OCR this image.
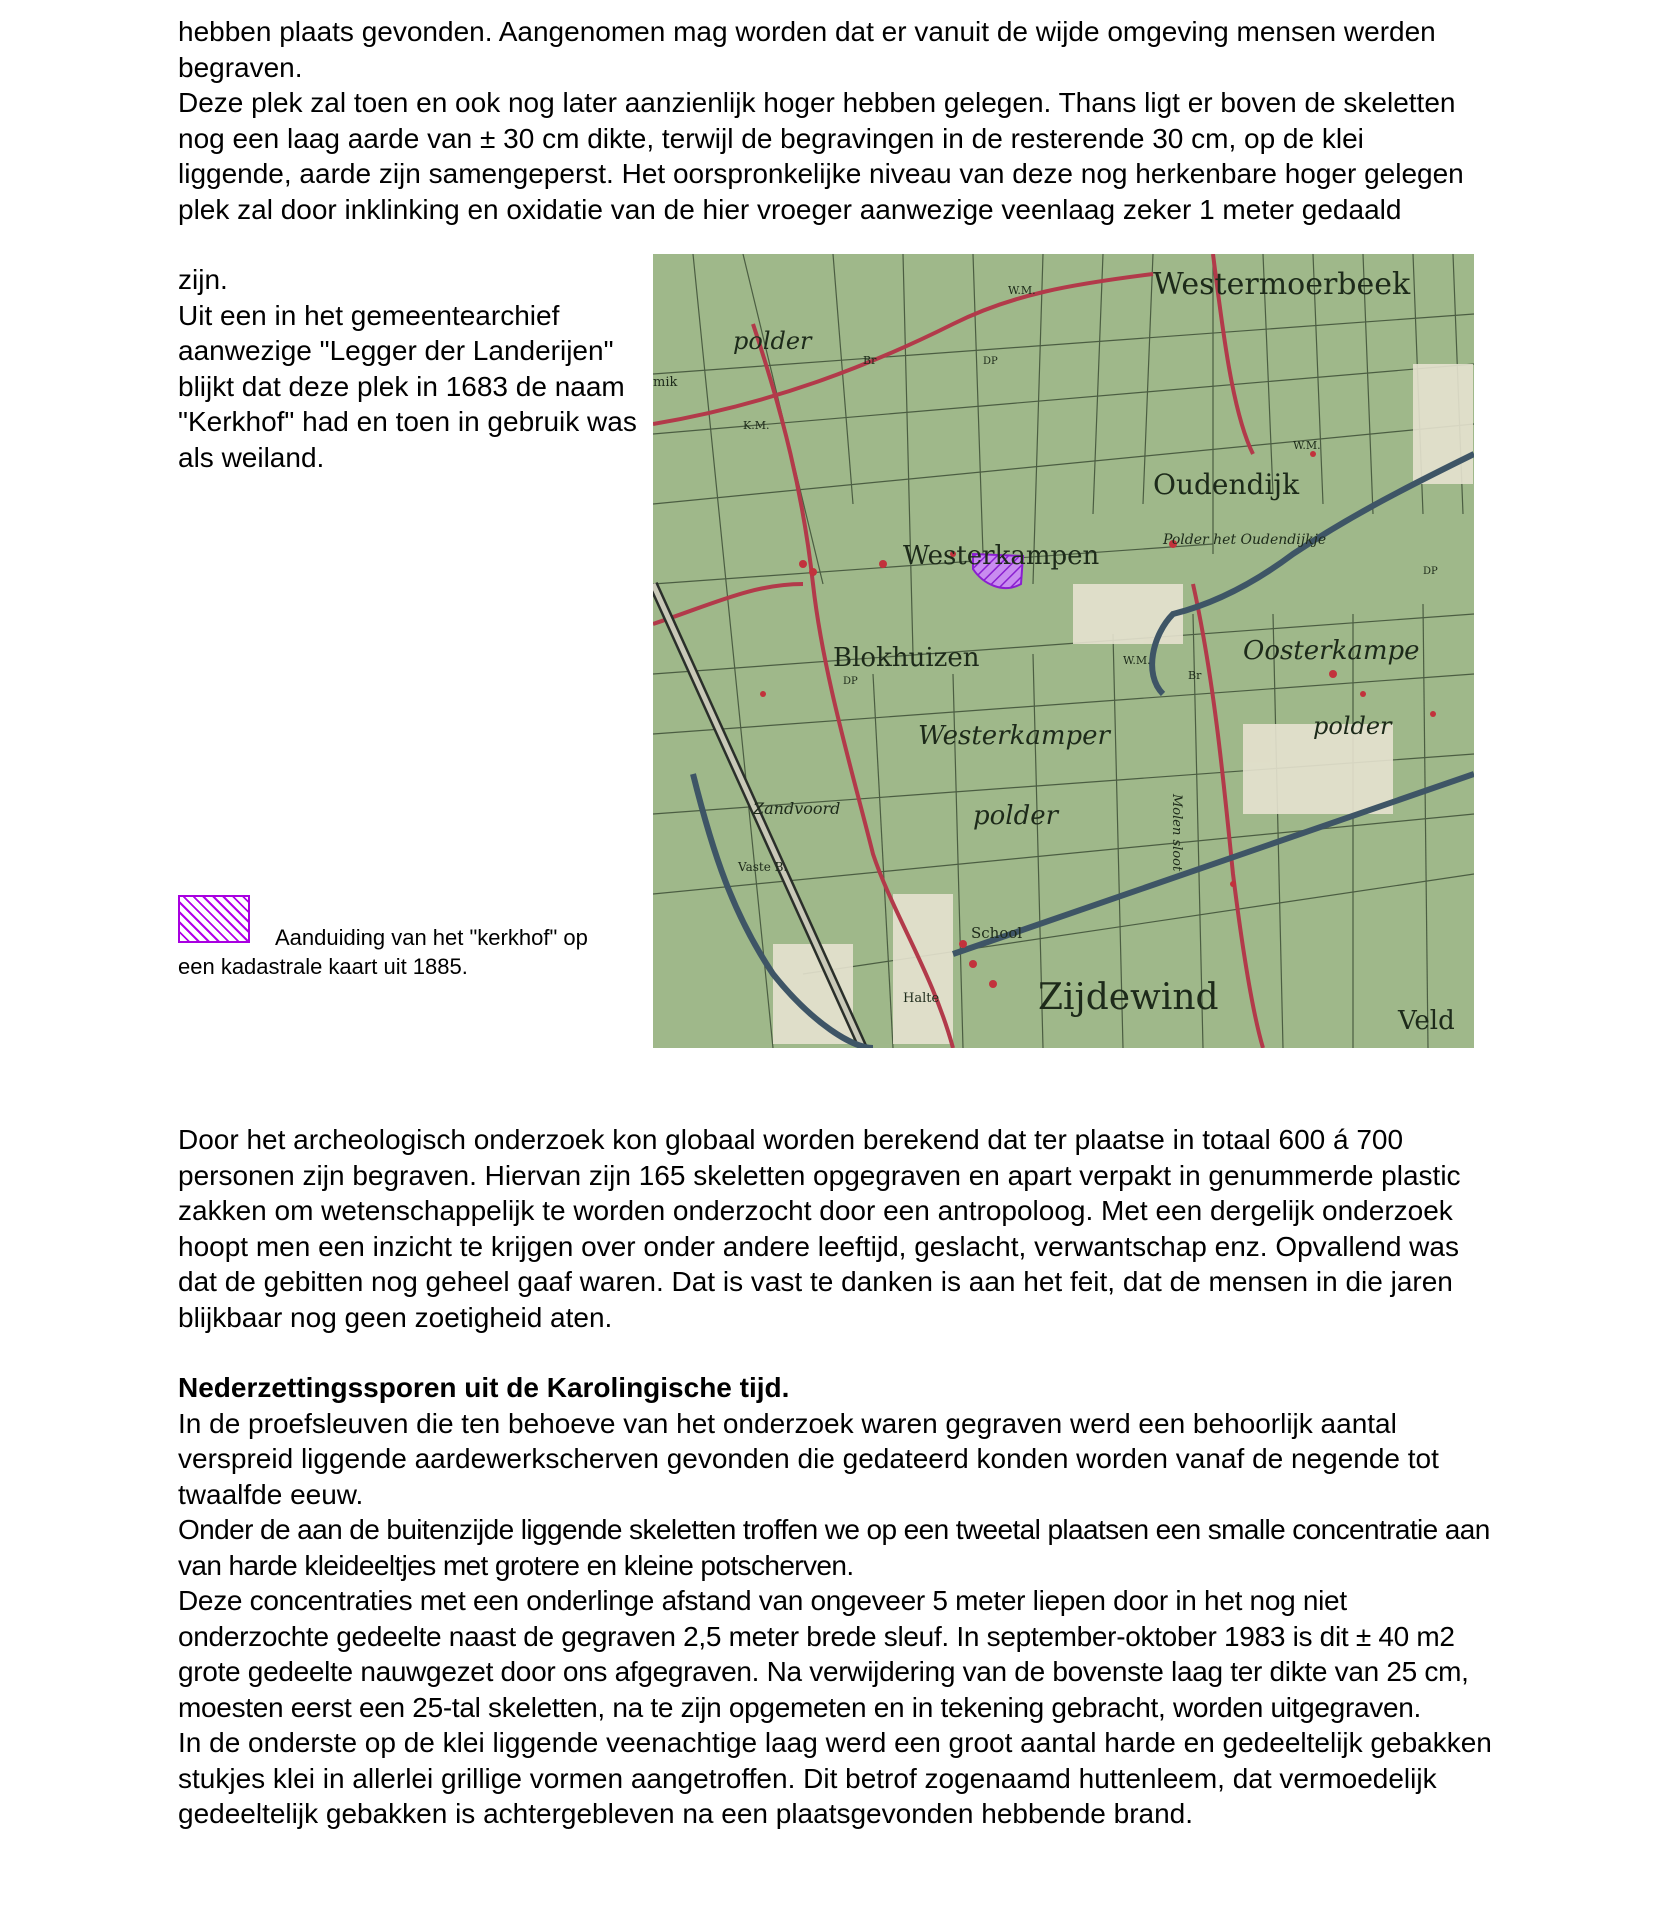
hebben plaats gevonden. Aangenomen mag worden dat er vanuit de wijde omgeving mensen werden begraven.

Deze plek zal toen en ook nog later aanzienlijk hoger hebben gelegen. Thans ligt er boven de skeletten nog een laag aarde van ± 30 cm dikte, terwijl de begravingen in de resterende 30 cm, op de klei liggende, aarde zijn samengeperst. Het oorspronkelijke niveau van deze nog herkenbare hoger gelegen plek zal door inklinking en oxidatie van de hier vroeger aanwezige veenlaag zeker 1 meter gedaald

zijn.

Uit een in het gemeentearchief aanwezige "Legger der Landerijen" blijkt dat deze plek in 1683 de naam "Kerkhof" had en toen in gebruik was als weiland.

Aanduiding van het "kerkhof" op
een kadastrale kaart uit 1885.
Westermoerbeek
polder
Oudendijk
Polder het Oudendijkje
Westerkampen
Blokhuizen	Oosterkampe
Westerkamper	polder
polder
Zandvoord	Molen sloot
School
Zijdewind
Veld
Halte
W.M.
W.M.
W.M.
K.M.
DP
DP
DP
Br
Br
Vaste B.
mik

Door het archeologisch onderzoek kon globaal worden berekend dat ter plaatse in totaal 600 á 700 personen zijn begraven. Hiervan zijn 165 skeletten opgegraven en apart verpakt in genummerde plastic zakken om wetenschappelijk te worden onderzocht door een antropoloog. Met een dergelijk onderzoek hoopt men een inzicht te krijgen over onder andere leeftijd, geslacht, verwantschap enz. Opvallend was dat de gebitten nog geheel gaaf waren. Dat is vast te danken is aan het feit, dat de mensen in die jaren blijkbaar nog geen zoetigheid aten.

Nederzettingssporen uit de Karolingische tijd.

In de proefsleuven die ten behoeve van het onderzoek waren gegraven werd een behoorlijk aantal verspreid liggende aardewerkscherven gevonden die gedateerd konden worden vanaf de negende tot twaalfde eeuw.

Onder de aan de buitenzijde liggende skeletten troffen we op een tweetal plaatsen een smalle concentratie aan van harde kleideeltjes met grotere en kleine potscherven.

Deze concentraties met een onderlinge afstand van ongeveer 5 meter liepen door in het nog niet onderzochte gedeelte naast de gegraven 2,5 meter brede sleuf. In september-oktober 1983 is dit ± 40 m2 grote gedeelte nauwgezet door ons afgegraven. Na verwijdering van de bovenste laag ter dikte van 25 cm, moesten eerst een 25-tal skeletten, na te zijn opgemeten en in tekening gebracht, worden uitgegraven.

In de onderste op de klei liggende veenachtige laag werd een groot aantal harde en gedeeltelijk gebakken stukjes klei in allerlei grillige vormen aangetroffen. Dit betrof zogenaamd huttenleem, dat vermoedelijk gedeeltelijk gebakken is achtergebleven na een plaatsgevonden hebbende brand.
